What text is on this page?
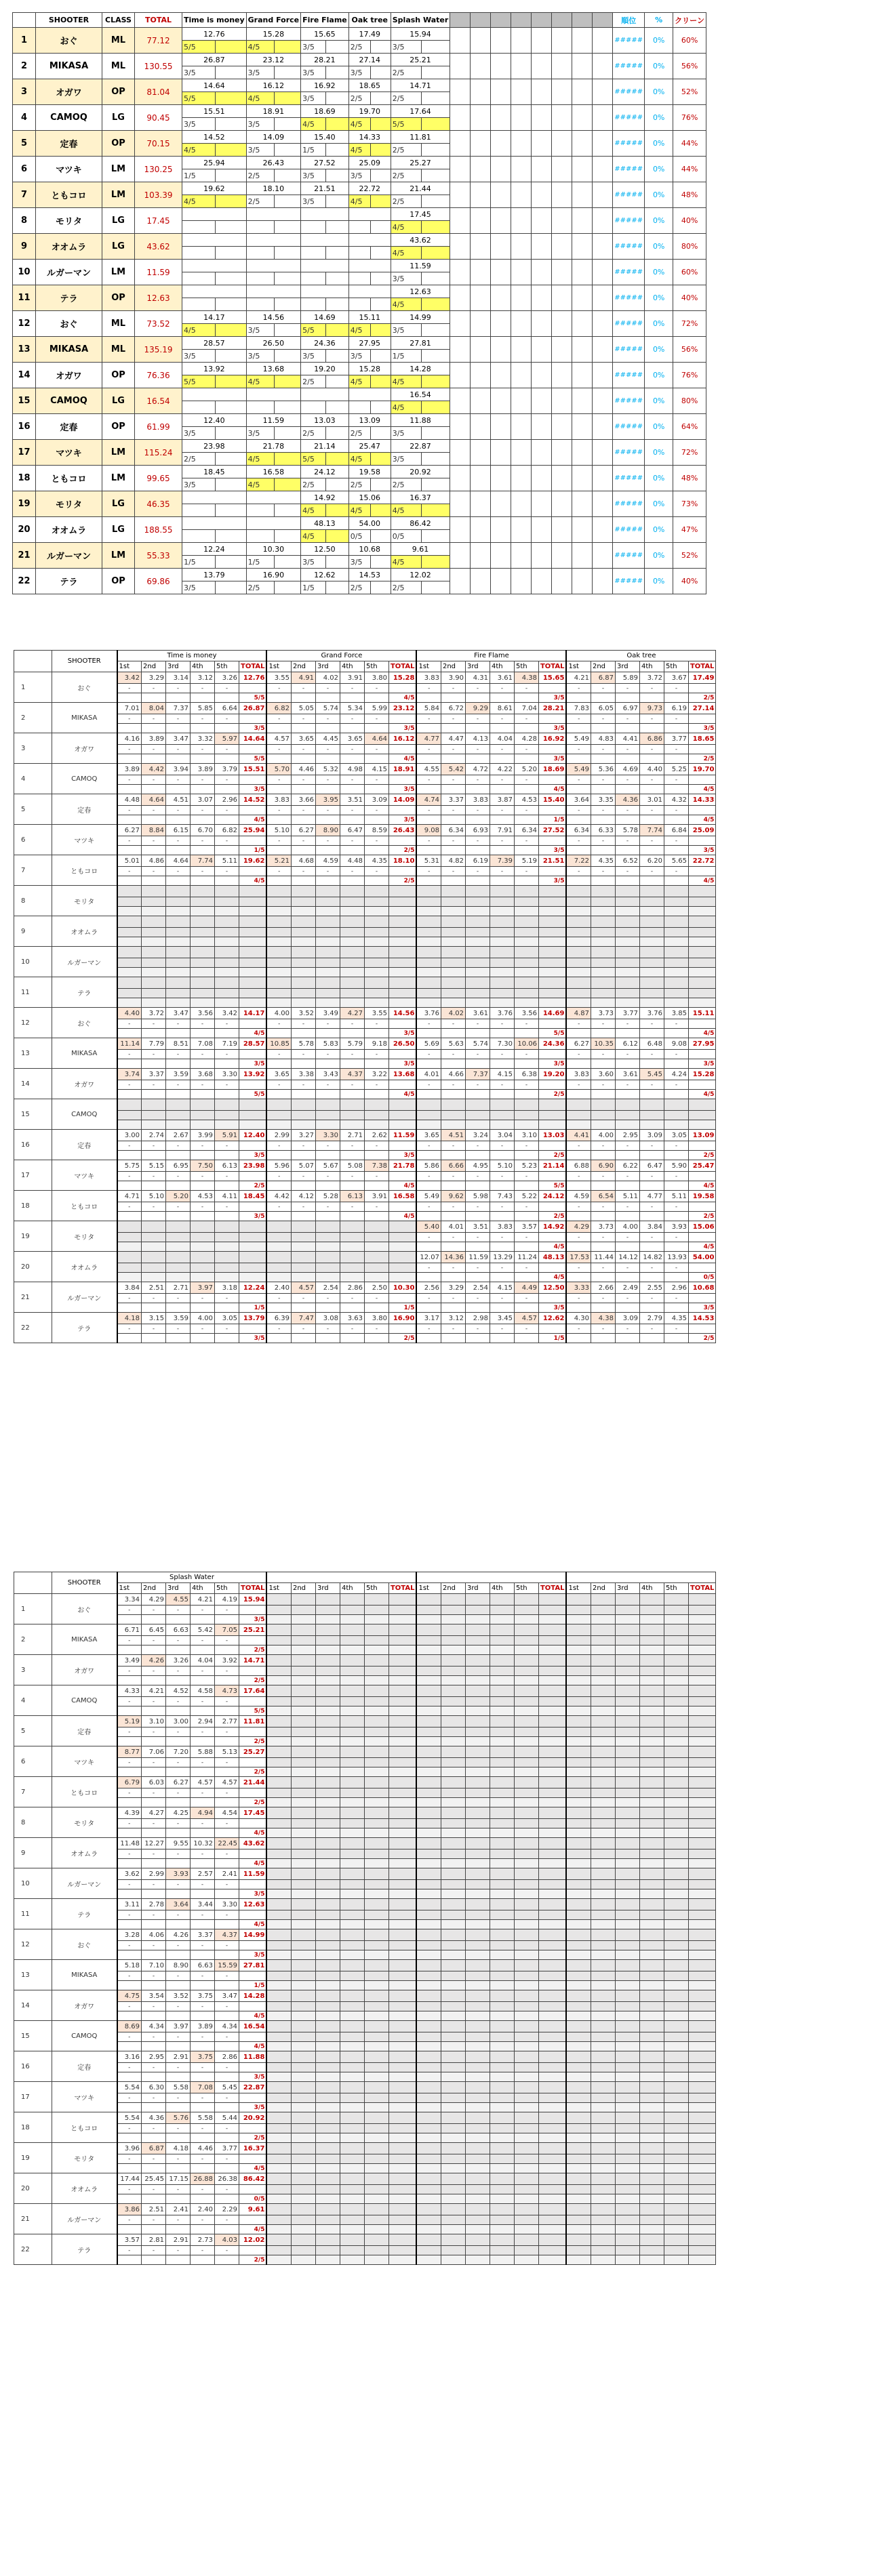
	SHOOTER	CLASS	TOTAL	Time is money		Grand Force		Fire Flame		Oak tree		Splash Water										順位	%	クリーン
1	おぐ	ML	77.12	12.76		15.28		15.65		17.49		15.94										#####	0%	60%
				5/5		4/5		3/5		2/5		3/5												
2	MIKASA	ML	130.55	26.87		23.12		28.21		27.14		25.21										#####	0%	56%
				3/5		3/5		3/5		3/5		2/5												
3	オガワ	OP	81.04	14.64		16.12		16.92		18.65		14.71										#####	0%	52%
				5/5		4/5		3/5		2/5		2/5												
4	CAMOQ	LG	90.45	15.51		18.91		18.69		19.70		17.64										#####	0%	76%
				3/5		3/5		4/5		4/5		5/5												
5	定春	OP	70.15	14.52		14.09		15.40		14.33		11.81										#####	0%	44%
				4/5		3/5		1/5		4/5		2/5												
6	マツキ	LM	130.25	25.94		26.43		27.52		25.09		25.27										#####	0%	44%
				1/5		2/5		3/5		3/5		2/5												
7	ともコロ	LM	103.39	19.62		18.10		21.51		22.72		21.44										#####	0%	48%
				4/5		2/5		3/5		4/5		2/5												
8	モリタ	LG	17.45									17.45										#####	0%	40%
												4/5												
9	オオムラ	LG	43.62									43.62										#####	0%	80%
												4/5												
10	ルガーマン	LM	11.59									11.59										#####	0%	60%
												3/5												
11	テラ	OP	12.63									12.63										#####	0%	40%
												4/5												
12	おぐ	ML	73.52	14.17		14.56		14.69		15.11		14.99										#####	0%	72%
				4/5		3/5		5/5		4/5		3/5												
13	MIKASA	ML	135.19	28.57		26.50		24.36		27.95		27.81										#####	0%	56%
				3/5		3/5		3/5		3/5		1/5												
14	オガワ	OP	76.36	13.92		13.68		19.20		15.28		14.28										#####	0%	76%
				5/5		4/5		2/5		4/5		4/5												
15	CAMOQ	LG	16.54									16.54										#####	0%	80%
												4/5												
16	定春	OP	61.99	12.40		11.59		13.03		13.09		11.88										#####	0%	64%
				3/5		3/5		2/5		2/5		3/5												
17	マツキ	LM	115.24	23.98		21.78		21.14		25.47		22.87										#####	0%	72%
				2/5		4/5		5/5		4/5		3/5												
18	ともコロ	LM	99.65	18.45		16.58		24.12		19.58		20.92										#####	0%	48%
				3/5		4/5		2/5		2/5		2/5												
19	モリタ	LG	46.35					14.92		15.06		16.37										#####	0%	73%
								4/5		4/5		4/5												
20	オオムラ	LG	188.55					48.13		54.00		86.42										#####	0%	47%
								4/5		0/5		0/5												
21	ルガーマン	LM	55.33	12.24		10.30		12.50		10.68		9.61										#####	0%	52%
				1/5		1/5		3/5		3/5		4/5												
22	テラ	OP	69.86	13.79		16.90		12.62		14.53		12.02										#####	0%	40%
				3/5		2/5		1/5		2/5		2/5												
	SHOOTER	Time is money						Grand Force						Fire Flame						Oak tree					
		1st	2nd	3rd	4th	5th	TOTAL	1st	2nd	3rd	4th	5th	TOTAL	1st	2nd	3rd	4th	5th	TOTAL	1st	2nd	3rd	4th	5th	TOTAL
1	おぐ	3.42	3.29	3.14	3.12	3.26	12.76	3.55	4.91	4.02	3.91	3.80	15.28	3.83	3.90	4.31	3.61	4.38	15.65	4.21	6.87	5.89	3.72	3.67	17.49
		-	-	-	-	-		-	-	-	-	-		-	-	-	-	-		-	-	-	-	-	
							5/5						4/5						3/5						2/5
2	MIKASA	7.01	8.04	7.37	5.85	6.64	26.87	6.82	5.05	5.74	5.34	5.99	23.12	5.84	6.72	9.29	8.61	7.04	28.21	7.83	6.05	6.97	9.73	6.19	27.14
		-	-	-	-	-		-	-	-	-	-		-	-	-	-	-		-	-	-	-	-	
							3/5						3/5						3/5						3/5
3	オガワ	4.16	3.89	3.47	3.32	5.97	14.64	4.57	3.65	4.45	3.65	4.64	16.12	4.77	4.47	4.13	4.04	4.28	16.92	5.49	4.83	4.41	6.86	3.77	18.65
		-	-	-	-	-		-	-	-	-	-		-	-	-	-	-		-	-	-	-	-	
							5/5						4/5						3/5						2/5
4	CAMOQ	3.89	4.42	3.94	3.89	3.79	15.51	5.70	4.46	5.32	4.98	4.15	18.91	4.55	5.42	4.72	4.22	5.20	18.69	5.49	5.36	4.69	4.40	5.25	19.70
		-	-	-	-	-		-	-	-	-	-		-	-	-	-	-		-	-	-	-	-	
							3/5						3/5						4/5						4/5
5	定春	4.48	4.64	4.51	3.07	2.96	14.52	3.83	3.66	3.95	3.51	3.09	14.09	4.74	3.37	3.83	3.87	4.53	15.40	3.64	3.35	4.36	3.01	4.32	14.33
		-	-	-	-	-		-	-	-	-	-		-	-	-	-	-		-	-	-	-	-	
							4/5						3/5						1/5						4/5
6	マツキ	6.27	8.84	6.15	6.70	6.82	25.94	5.10	6.27	8.90	6.47	8.59	26.43	9.08	6.34	6.93	7.91	6.34	27.52	6.34	6.33	5.78	7.74	6.84	25.09
		-	-	-	-	-		-	-	-	-	-		-	-	-	-	-		-	-	-	-	-	
							1/5						2/5						3/5						3/5
7	ともコロ	5.01	4.86	4.64	7.74	5.11	19.62	5.21	4.68	4.59	4.48	4.35	18.10	5.31	4.82	6.19	7.39	5.19	21.51	7.22	4.35	6.52	6.20	5.65	22.72
		-	-	-	-	-		-	-	-	-	-		-	-	-	-	-		-	-	-	-	-	
							4/5						2/5						3/5						4/5
8	モリタ																								

9	オオムラ																								

10	ルガーマン																								

11	テラ																								

12	おぐ	4.40	3.72	3.47	3.56	3.42	14.17	4.00	3.52	3.49	4.27	3.55	14.56	3.76	4.02	3.61	3.76	3.56	14.69	4.87	3.73	3.77	3.76	3.85	15.11
		-	-	-	-	-		-	-	-	-	-		-	-	-	-	-		-	-	-	-	-	
							4/5						3/5						5/5						4/5
13	MIKASA	11.14	7.79	8.51	7.08	7.19	28.57	10.85	5.78	5.83	5.79	9.18	26.50	5.69	5.63	5.74	7.30	10.06	24.36	6.27	10.35	6.12	6.48	9.08	27.95
		-	-	-	-	-		-	-	-	-	-		-	-	-	-	-		-	-	-	-	-	
							3/5						3/5						3/5						3/5
14	オガワ	3.74	3.37	3.59	3.68	3.30	13.92	3.65	3.38	3.43	4.37	3.22	13.68	4.01	4.66	7.37	4.15	6.38	19.20	3.83	3.60	3.61	5.45	4.24	15.28
		-	-	-	-	-		-	-	-	-	-		-	-	-	-	-		-	-	-	-	-	
							5/5						4/5						2/5						4/5
15	CAMOQ																								

16	定春	3.00	2.74	2.67	3.99	5.91	12.40	2.99	3.27	3.30	2.71	2.62	11.59	3.65	4.51	3.24	3.04	3.10	13.03	4.41	4.00	2.95	3.09	3.05	13.09
		-	-	-	-	-		-	-	-	-	-		-	-	-	-	-		-	-	-	-	-	
							3/5						3/5						2/5						2/5
17	マツキ	5.75	5.15	6.95	7.50	6.13	23.98	5.96	5.07	5.67	5.08	7.38	21.78	5.86	6.66	4.95	5.10	5.23	21.14	6.88	6.90	6.22	6.47	5.90	25.47
		-	-	-	-	-		-	-	-	-	-		-	-	-	-	-		-	-	-	-	-	
							2/5						4/5						5/5						4/5
18	ともコロ	4.71	5.10	5.20	4.53	4.11	18.45	4.42	4.12	5.28	6.13	3.91	16.58	5.49	9.62	5.98	7.43	5.22	24.12	4.59	6.54	5.11	4.77	5.11	19.58
		-	-	-	-	-		-	-	-	-	-		-	-	-	-	-		-	-	-	-	-	
							3/5						4/5						2/5						2/5
19	モリタ													5.40	4.01	3.51	3.83	3.57	14.92	4.29	3.73	4.00	3.84	3.93	15.06
														-	-	-	-	-		-	-	-	-	-	
																			4/5						4/5
20	オオムラ													12.07	14.36	11.59	13.29	11.24	48.13	17.53	11.44	14.12	14.82	13.93	54.00
														-	-	-	-	-		-	-	-	-	-	
																			4/5						0/5
21	ルガーマン	3.84	2.51	2.71	3.97	3.18	12.24	2.40	4.57	2.54	2.86	2.50	10.30	2.56	3.29	2.54	4.15	4.49	12.50	3.33	2.66	2.49	2.55	2.96	10.68
		-	-	-	-	-		-	-	-	-	-		-	-	-	-	-		-	-	-	-	-	
							1/5						1/5						3/5						3/5
22	テラ	4.18	3.15	3.59	4.00	3.05	13.79	6.39	7.47	3.08	3.63	3.80	16.90	3.17	3.12	2.98	3.45	4.57	12.62	4.30	4.38	3.09	2.79	4.35	14.53
		-	-	-	-	-		-	-	-	-	-		-	-	-	-	-		-	-	-	-	-	
							3/5						2/5						1/5						2/5
	SHOOTER	Splash Water																							
		1st	2nd	3rd	4th	5th	TOTAL	1st	2nd	3rd	4th	5th	TOTAL	1st	2nd	3rd	4th	5th	TOTAL	1st	2nd	3rd	4th	5th	TOTAL
1	おぐ	3.34	4.29	4.55	4.21	4.19	15.94																		
		-	-	-	-	-																			
							3/5																		
2	MIKASA	6.71	6.45	6.63	5.42	7.05	25.21																		
		-	-	-	-	-																			
							2/5																		
3	オガワ	3.49	4.26	3.26	4.04	3.92	14.71																		
		-	-	-	-	-																			
							2/5																		
4	CAMOQ	4.33	4.21	4.52	4.58	4.73	17.64																		
		-	-	-	-	-																			
							5/5																		
5	定春	5.19	3.10	3.00	2.94	2.77	11.81																		
		-	-	-	-	-																			
							2/5																		
6	マツキ	8.77	7.06	7.20	5.88	5.13	25.27																		
		-	-	-	-	-																			
							2/5																		
7	ともコロ	6.79	6.03	6.27	4.57	4.57	21.44																		
		-	-	-	-	-																			
							2/5																		
8	モリタ	4.39	4.27	4.25	4.94	4.54	17.45																		
		-	-	-	-	-																			
							4/5																		
9	オオムラ	11.48	12.27	9.55	10.32	22.45	43.62																		
		-	-	-	-	-																			
							4/5																		
10	ルガーマン	3.62	2.99	3.93	2.57	2.41	11.59																		
		-	-	-	-	-																			
							3/5																		
11	テラ	3.11	2.78	3.64	3.44	3.30	12.63																		
		-	-	-	-	-																			
							4/5																		
12	おぐ	3.28	4.06	4.26	3.37	4.37	14.99																		
		-	-	-	-	-																			
							3/5																		
13	MIKASA	5.18	7.10	8.90	6.63	15.59	27.81																		
		-	-	-	-	-																			
							1/5																		
14	オガワ	4.75	3.54	3.52	3.75	3.47	14.28																		
		-	-	-	-	-																			
							4/5																		
15	CAMOQ	8.69	4.34	3.97	3.89	4.34	16.54																		
		-	-	-	-	-																			
							4/5																		
16	定春	3.16	2.95	2.91	3.75	2.86	11.88																		
		-	-	-	-	-																			
							3/5																		
17	マツキ	5.54	6.30	5.58	7.08	5.45	22.87																		
		-	-	-	-	-																			
							3/5																		
18	ともコロ	5.54	4.36	5.76	5.58	5.44	20.92																		
		-	-	-	-	-																			
							2/5																		
19	モリタ	3.96	6.87	4.18	4.46	3.77	16.37																		
		-	-	-	-	-																			
							4/5																		
20	オオムラ	17.44	25.45	17.15	26.88	26.38	86.42																		
		-	-	-	-	-																			
							0/5																		
21	ルガーマン	3.86	2.51	2.41	2.40	2.29	9.61																		
		-	-	-	-	-																			
							4/5																		
22	テラ	3.57	2.81	2.91	2.73	4.03	12.02																		
		-	-	-	-	-																			
							2/5																		
